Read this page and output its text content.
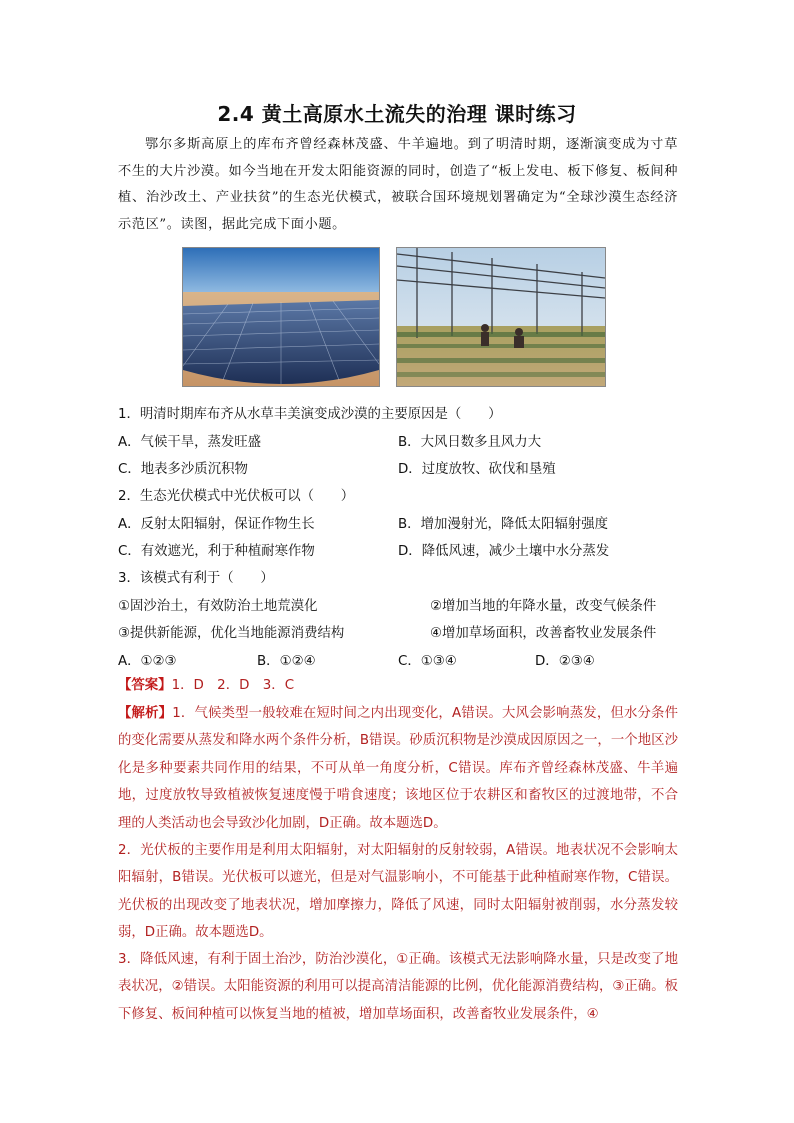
2.4 黄土高原水土流失的治理 课时练习
鄂尔多斯高原上的库布齐曾经森林茂盛、牛羊遍地。到了明清时期，逐渐演变成为寸草不生的大片沙漠。如今当地在开发太阳能资源的同时，创造了“板上发电、板下修复、板间种植、治沙改土、产业扶贫”的生态光伏模式，被联合国环境规划署确定为“全球沙漠生态经济示范区”。读图，据此完成下面小题。
1．明清时期库布齐从水草丰美演变成沙漠的主要原因是（　　）
A．气候干旱，蒸发旺盛	B．大风日数多且风力大
C．地表多沙质沉积物	D．过度放牧、砍伐和垦殖
2．生态光伏模式中光伏板可以（　　）
A．反射太阳辐射，保证作物生长	B．增加漫射光，降低太阳辐射强度
C．有效遮光，利于种植耐寒作物	D．降低风速，减少土壤中水分蒸发
3．该模式有利于（　　）
①固沙治土，有效防治土地荒漠化	②增加当地的年降水量，改变气候条件
③提供新能源，优化当地能源消费结构	④增加草场面积，改善畜牧业发展条件
A．①②③	B．①②④	C．①③④	D．②③④
【答案】1．D　2．D　3．C
【解析】1．气候类型一般较难在短时间之内出现变化，A错误。大风会影响蒸发，但水分条件的变化需要从蒸发和降水两个条件分析，B错误。砂质沉积物是沙漠成因原因之一，一个地区沙化是多种要素共同作用的结果，不可从单一角度分析，C错误。库布齐曾经森林茂盛、牛羊遍地，过度放牧导致植被恢复速度慢于啃食速度；该地区位于农耕区和畜牧区的过渡地带，不合理的人类活动也会导致沙化加剧，D正确。故本题选D。
2．光伏板的主要作用是利用太阳辐射，对太阳辐射的反射较弱，A错误。地表状况不会影响太阳辐射，B错误。光伏板可以遮光，但是对气温影响小，不可能基于此种植耐寒作物，C错误。光伏板的出现改变了地表状况，增加摩擦力，降低了风速，同时太阳辐射被削弱，水分蒸发较弱，D正确。故本题选D。
3．降低风速，有利于固土治沙，防治沙漠化，①正确。该模式无法影响降水量，只是改变了地表状况，②错误。太阳能资源的利用可以提高清洁能源的比例，优化能源消费结构，③正确。板下修复、板间种植可以恢复当地的植被，增加草场面积，改善畜牧业发展条件，④
